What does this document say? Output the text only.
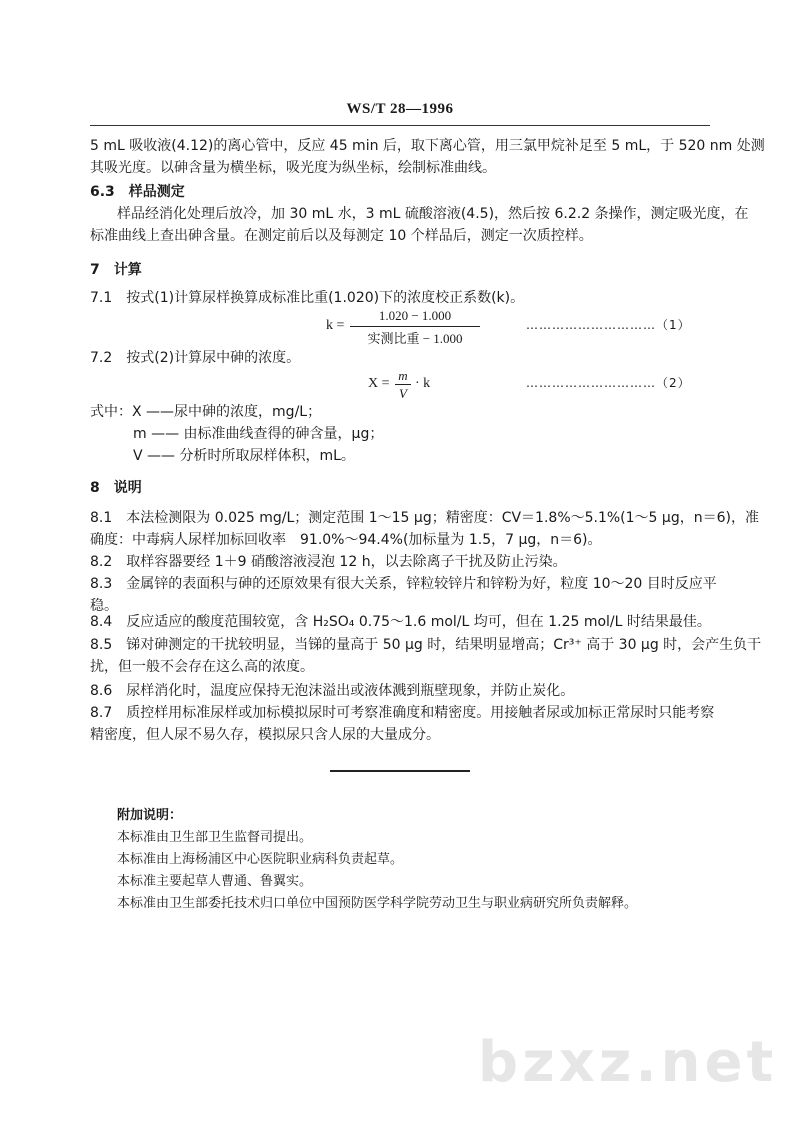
WS/T 28—1996
5 mL 吸收液(4.12)的离心管中，反应 45 min 后，取下离心管，用三氯甲烷补足至 5 mL，于 520 nm 处测
其吸光度。以砷含量为横坐标，吸光度为纵坐标，绘制标准曲线。
6.3　样品测定
样品经消化处理后放冷，加 30 mL 水，3 mL 硫酸溶液(4.5)，然后按 6.2.2 条操作，测定吸光度，在
标准曲线上查出砷含量。在测定前后以及每测定 10 个样品后，测定一次质控样。
7　计算
7.1　按式(1)计算尿样换算成标准比重(1.020)下的浓度校正系数(k)。
k =
1.020 − 1.000
实测比重 − 1.000
…………………………（1）
7.2　按式(2)计算尿中砷的浓度。
X =
m
V
· k	…………………………（2）
式中：X ——尿中砷的浓度，mg/L；
m —— 由标准曲线查得的砷含量，μg；
V —— 分析时所取尿样体积，mL。
8　说明
8.1　本法检测限为 0.025 mg/L；测定范围 1～15 μg；精密度：CV＝1.8%～5.1%(1～5 μg，n＝6)，准
确度：中毒病人尿样加标回收率　91.0%～94.4%(加标量为 1.5，7 μg，n＝6)。
8.2　取样容器要经 1＋9 硝酸溶液浸泡 12 h，以去除离子干扰及防止污染。
8.3　金属锌的表面积与砷的还原效果有很大关系，锌粒较锌片和锌粉为好，粒度 10～20 目时反应平
稳。
8.4　反应适应的酸度范围较宽，含 H₂SO₄ 0.75～1.6 mol/L 均可，但在 1.25 mol/L 时结果最佳。
8.5　锑对砷测定的干扰较明显，当锑的量高于 50 μg 时，结果明显增高；Cr³⁺ 高于 30 μg 时，会产生负干
扰，但一般不会存在这么高的浓度。
8.6　尿样消化时，温度应保持无泡沫溢出或液体溅到瓶壁现象，并防止炭化。
8.7　质控样用标准尿样或加标模拟尿时可考察准确度和精密度。用接触者尿或加标正常尿时只能考察
精密度，但人尿不易久存，模拟尿只含人尿的大量成分。
附加说明：
本标准由卫生部卫生监督司提出。
本标准由上海杨浦区中心医院职业病科负责起草。
本标准主要起草人曹通、鲁翼实。
本标准由卫生部委托技术归口单位中国预防医学科学院劳动卫生与职业病研究所负责解释。
bzxz.net
